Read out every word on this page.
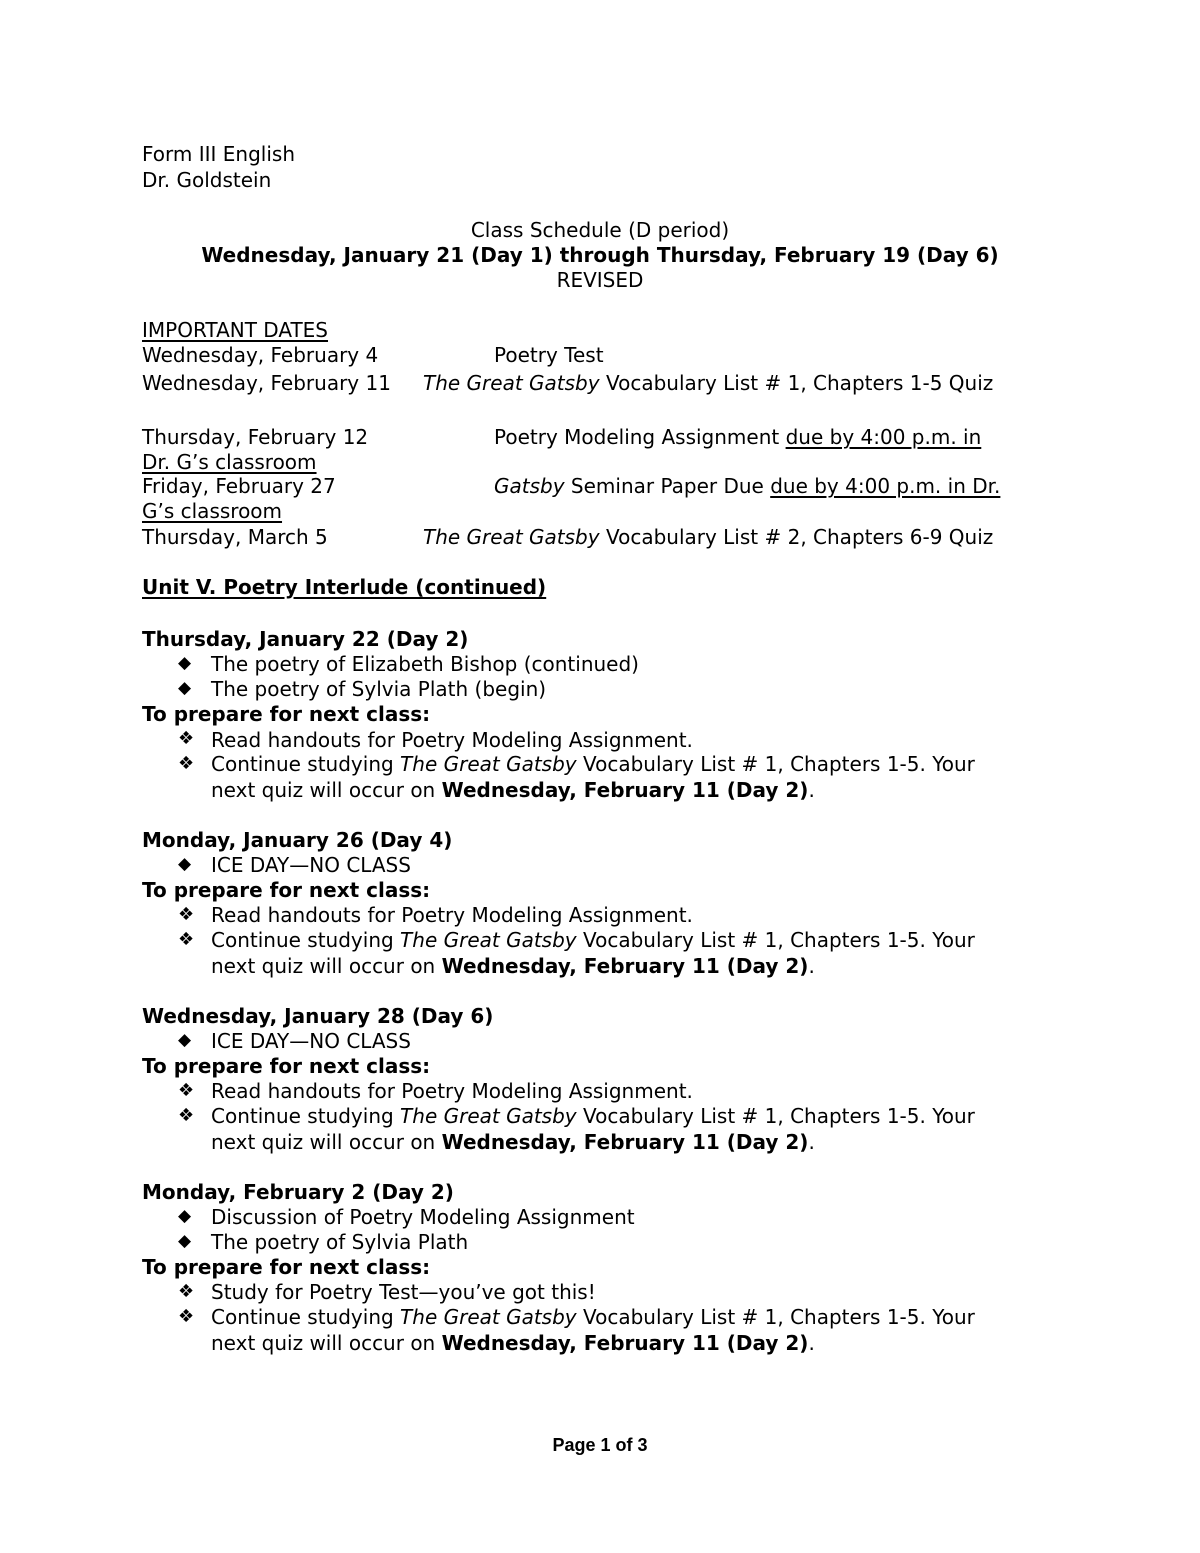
Form III English
Dr. Goldstein
Class Schedule (D period)
Wednesday, January 21 (Day 1) through Thursday, February 19 (Day 6)
REVISED
IMPORTANT DATES
Wednesday, February 4	Poetry Test
Wednesday, February 11 The Great Gatsby Vocabulary List # 1, Chapters 1-5 Quiz
Thursday, February 12	Poetry Modeling Assignment due by 4:00 p.m. in
Dr. G’s classroom
Friday, February 27	Gatsby Seminar Paper Due due by 4:00 p.m. in Dr.
G’s classroom
Thursday, March 5	The Great Gatsby Vocabulary List # 2, Chapters 6-9 Quiz
Unit V. Poetry Interlude (continued)
Thursday, January 22 (Day 2)
◆ The poetry of Elizabeth Bishop (continued)
◆ The poetry of Sylvia Plath (begin)
To prepare for next class:
❖ Read handouts for Poetry Modeling Assignment.
❖ Continue studying The Great Gatsby Vocabulary List # 1, Chapters 1-5. Your
next quiz will occur on Wednesday, February 11 (Day 2).
Monday, January 26 (Day 4)
◆ ICE DAY—NO CLASS
To prepare for next class:
❖ Read handouts for Poetry Modeling Assignment.
❖ Continue studying The Great Gatsby Vocabulary List # 1, Chapters 1-5. Your
next quiz will occur on Wednesday, February 11 (Day 2).
Wednesday, January 28 (Day 6)
◆ ICE DAY—NO CLASS
To prepare for next class:
❖ Read handouts for Poetry Modeling Assignment.
❖ Continue studying The Great Gatsby Vocabulary List # 1, Chapters 1-5. Your
next quiz will occur on Wednesday, February 11 (Day 2).
Monday, February 2 (Day 2)
◆ Discussion of Poetry Modeling Assignment
◆ The poetry of Sylvia Plath
To prepare for next class:
❖ Study for Poetry Test—you’ve got this!
❖ Continue studying The Great Gatsby Vocabulary List # 1, Chapters 1-5. Your
next quiz will occur on Wednesday, February 11 (Day 2).
Page 1 of 3
